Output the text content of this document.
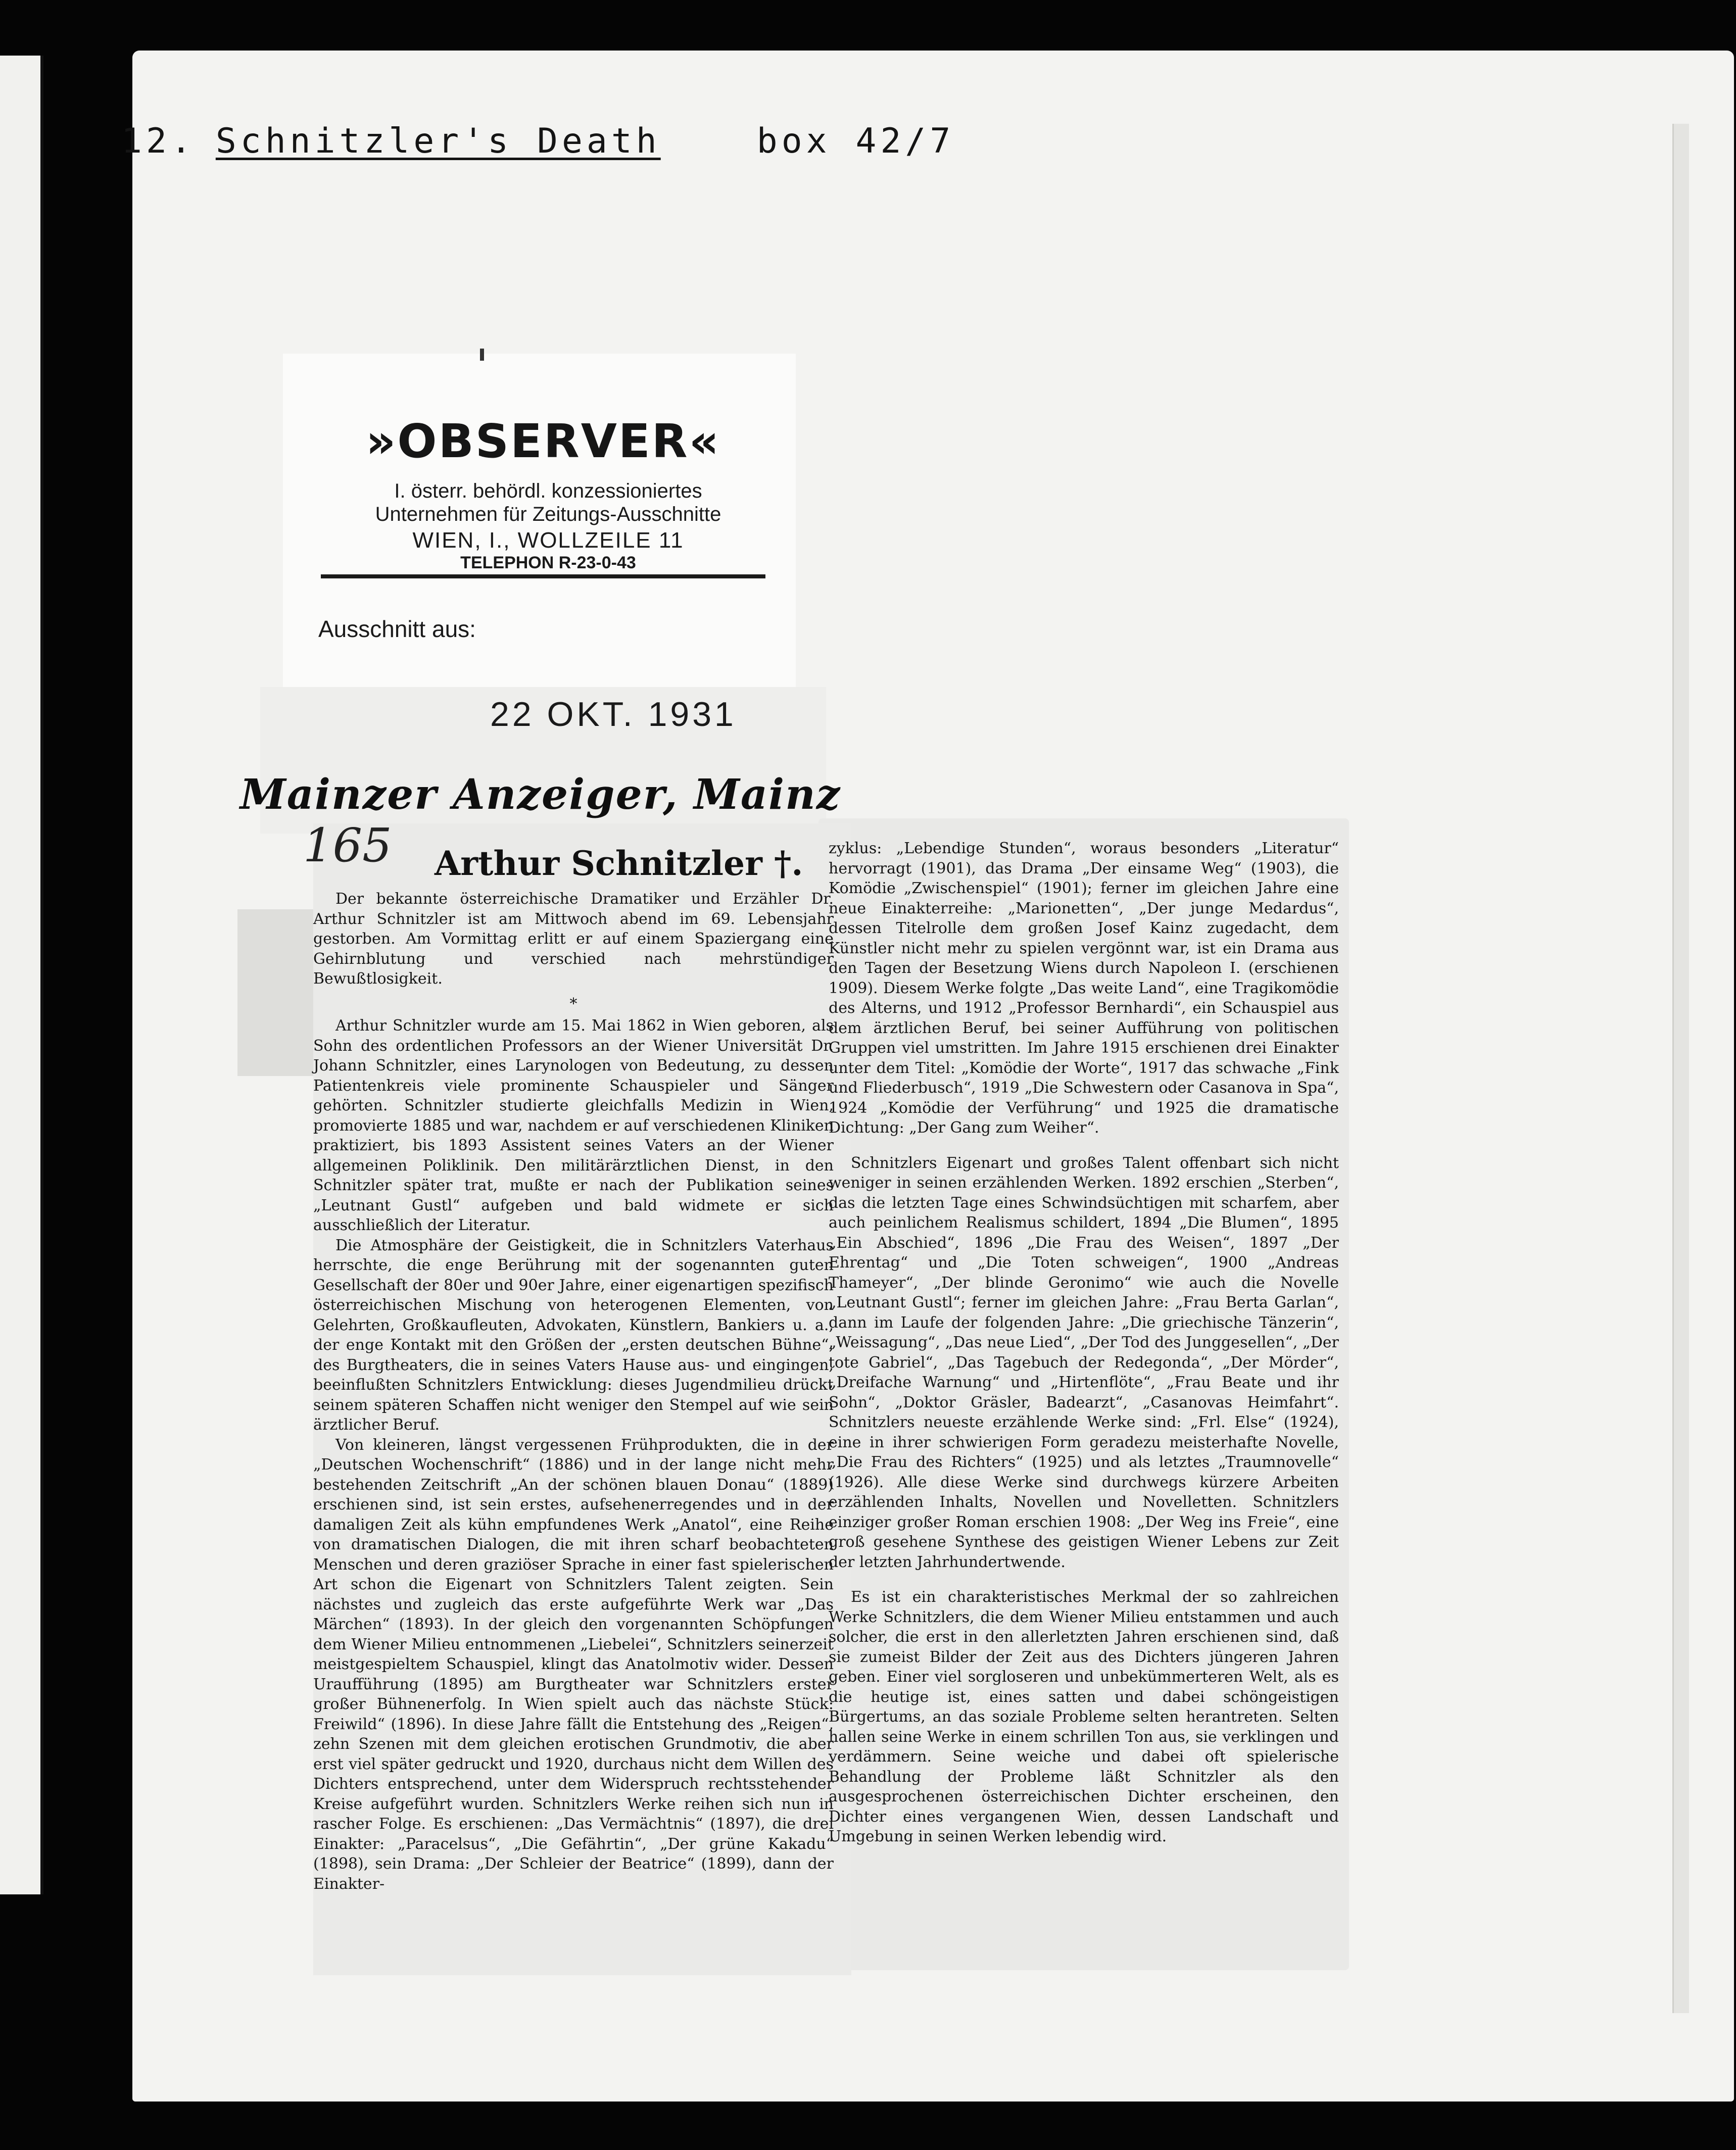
12. Schnitzler's Death	box 42/7
»OBSERVER«
I. österr. behördl. konzessioniertes
Unternehmen für Zeitungs-Ausschnitte
WIEN, I., WOLLZEILE 11
TELEPHON R-23-0-43
Ausschnitt aus:
22 OKT. 1931
Mainzer Anzeiger, Mainz
165 Arthur Schnitzler †.

Der bekannte österreichische Dramatiker und Erzähler Dr. Arthur Schnitzler ist am Mittwoch abend im 69. Lebensjahr gestorben. Am Vormittag erlitt er auf einem Spaziergang eine Gehirnblutung und verschied nach mehrstündiger Bewußtlosigkeit.

*

Arthur Schnitzler wurde am 15. Mai 1862 in Wien geboren, als Sohn des ordentlichen Professors an der Wiener Universität Dr. Johann Schnitzler, eines Larynologen von Bedeutung, zu dessen Patientenkreis viele prominente Schauspieler und Sänger gehörten. Schnitzler studierte gleichfalls Medizin in Wien, promovierte 1885 und war, nachdem er auf verschiedenen Kliniken praktiziert, bis 1893 Assistent seines Vaters an der Wiener allgemeinen Poliklinik. Den militärärztlichen Dienst, in den Schnitzler später trat, mußte er nach der Publikation seines „Leutnant Gustl“ aufgeben und bald widmete er sich ausschließlich der Literatur.

Die Atmosphäre der Geistigkeit, die in Schnitzlers Vaterhaus herrschte, die enge Berührung mit der sogenannten guten Gesellschaft der 80er und 90er Jahre, einer eigenartigen spezifisch österreichischen Mischung von heterogenen Elementen, von Gelehrten, Großkaufleuten, Advokaten, Künstlern, Bankiers u. a., der enge Kontakt mit den Größen der „ersten deutschen Bühne“, des Burgtheaters, die in seines Vaters Hause aus- und eingingen, beeinflußten Schnitzlers Entwicklung: dieses Jugendmilieu drückt seinem späteren Schaffen nicht weniger den Stempel auf wie sein ärztlicher Beruf.

Von kleineren, längst vergessenen Frühprodukten, die in der „Deutschen Wochenschrift“ (1886) und in der lange nicht mehr bestehenden Zeitschrift „An der schönen blauen Donau“ (1889) erschienen sind, ist sein erstes, aufsehenerregendes und in der damaligen Zeit als kühn empfundenes Werk „Anatol“, eine Reihe von dramatischen Dialogen, die mit ihren scharf beobachteten Menschen und deren graziöser Sprache in einer fast spielerischen Art schon die Eigenart von Schnitzlers Talent zeigten. Sein nächstes und zugleich das erste aufgeführte Werk war „Das Märchen“ (1893). In der gleich den vorgenannten Schöpfungen dem Wiener Milieu entnommenen „Liebelei“, Schnitzlers seinerzeit meistgespieltem Schauspiel, klingt das Anatolmotiv wider. Dessen Uraufführung (1895) am Burgtheater war Schnitzlers erster großer Bühnenerfolg. In Wien spielt auch das nächste Stück: Freiwild“ (1896). In diese Jahre fällt die Entstehung des „Reigen“, zehn Szenen mit dem gleichen erotischen Grundmotiv, die aber erst viel später gedruckt und 1920, durchaus nicht dem Willen des Dichters entsprechend, unter dem Widerspruch rechtsstehender Kreise aufgeführt wurden. Schnitzlers Werke reihen sich nun in rascher Folge. Es erschienen: „Das Vermächtnis“ (1897), die drei Einakter: „Paracelsus“, „Die Gefährtin“, „Der grüne Kakadu“ (1898), sein Drama: „Der Schleier der Beatrice“ (1899), dann der Einakter-

zyklus: „Lebendige Stunden“, woraus besonders „Literatur“ hervorragt (1901), das Drama „Der einsame Weg“ (1903), die Komödie „Zwischenspiel“ (1901); ferner im gleichen Jahre eine neue Einakterreihe: „Marionetten“, „Der junge Medardus“, dessen Titelrolle dem großen Josef Kainz zugedacht, dem Künstler nicht mehr zu spielen vergönnt war, ist ein Drama aus den Tagen der Besetzung Wiens durch Napoleon I. (erschienen 1909). Diesem Werke folgte „Das weite Land“, eine Tragikomödie des Alterns, und 1912 „Professor Bernhardi“, ein Schauspiel aus dem ärztlichen Beruf, bei seiner Aufführung von politischen Gruppen viel umstritten. Im Jahre 1915 erschienen drei Einakter unter dem Titel: „Komödie der Worte“, 1917 das schwache „Fink und Fliederbusch“, 1919 „Die Schwestern oder Casanova in Spa“, 1924 „Komödie der Verführung“ und 1925 die dramatische Dichtung: „Der Gang zum Weiher“.

Schnitzlers Eigenart und großes Talent offenbart sich nicht weniger in seinen erzählenden Werken. 1892 erschien „Sterben“, das die letzten Tage eines Schwindsüchtigen mit scharfem, aber auch peinlichem Realismus schildert, 1894 „Die Blumen“, 1895 „Ein Abschied“, 1896 „Die Frau des Weisen“, 1897 „Der Ehrentag“ und „Die Toten schweigen“, 1900 „Andreas Thameyer“, „Der blinde Geronimo“ wie auch die Novelle „Leutnant Gustl“; ferner im gleichen Jahre: „Frau Berta Garlan“, dann im Laufe der folgenden Jahre: „Die griechische Tänzerin“, „Weissagung“, „Das neue Lied“, „Der Tod des Junggesellen“, „Der tote Gabriel“, „Das Tagebuch der Redegonda“, „Der Mörder“, „Dreifache Warnung“ und „Hirtenflöte“, „Frau Beate und ihr Sohn“, „Doktor Gräsler, Badearzt“, „Casanovas Heimfahrt“. Schnitzlers neueste erzählende Werke sind: „Frl. Else“ (1924), eine in ihrer schwierigen Form geradezu meisterhafte Novelle, „Die Frau des Richters“ (1925) und als letztes „Traumnovelle“ (1926). Alle diese Werke sind durchwegs kürzere Arbeiten erzählenden Inhalts, Novellen und Novelletten. Schnitzlers einziger großer Roman erschien 1908: „Der Weg ins Freie“, eine groß gesehene Synthese des geistigen Wiener Lebens zur Zeit der letzten Jahrhundertwende.

Es ist ein charakteristisches Merkmal der so zahlreichen Werke Schnitzlers, die dem Wiener Milieu entstammen und auch solcher, die erst in den allerletzten Jahren erschienen sind, daß sie zumeist Bilder der Zeit aus des Dichters jüngeren Jahren geben. Einer viel sorgloseren und unbekümmerteren Welt, als es die heutige ist, eines satten und dabei schöngeistigen Bürgertums, an das soziale Probleme selten herantreten. Selten hallen seine Werke in einem schrillen Ton aus, sie verklingen und verdämmern. Seine weiche und dabei oft spielerische Behandlung der Probleme läßt Schnitzler als den ausgesprochenen österreichischen Dichter erscheinen, den Dichter eines vergangenen Wien, dessen Landschaft und Umgebung in seinen Werken lebendig wird.
